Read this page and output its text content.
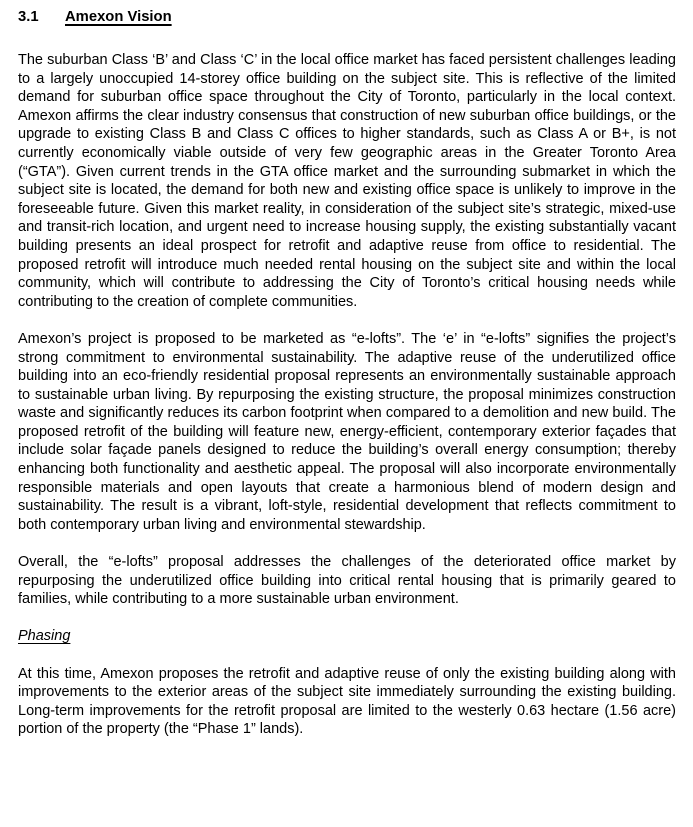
3.1	Amexon Vision

The suburban Class ‘B’ and Class ‘C’ in the local office market has faced persistent challenges leading to a largely unoccupied 14-storey office building on the subject site. This is reflective of the limited demand for suburban office space throughout the City of Toronto, particularly in the local context. Amexon affirms the clear industry consensus that construction of new suburban office buildings, or the upgrade to existing Class B and Class C offices to higher standards, such as Class A or B+, is not currently economically viable outside of very few geographic areas in the Greater Toronto Area (“GTA”). Given current trends in the GTA office market and the surrounding submarket in which the subject site is located, the demand for both new and existing office space is unlikely to improve in the foreseeable future. Given this market reality, in consideration of the subject site’s strategic, mixed-use and transit-rich location, and urgent need to increase housing supply, the existing substantially vacant building presents an ideal prospect for retrofit and adaptive reuse from office to residential. The proposed retrofit will introduce much needed rental housing on the subject site and within the local community, which will contribute to addressing the City of Toronto’s critical housing needs while contributing to the creation of complete communities.

Amexon’s project is proposed to be marketed as “e-lofts”. The ‘e’ in “e-lofts” signifies the project’s strong commitment to environmental sustainability. The adaptive reuse of the underutilized office building into an eco-friendly residential proposal represents an environmentally sustainable approach to sustainable urban living. By repurposing the existing structure, the proposal minimizes construction waste and significantly reduces its carbon footprint when compared to a demolition and new build. The proposed retrofit of the building will feature new, energy-efficient, contemporary exterior façades that include solar façade panels designed to reduce the building’s overall energy consumption; thereby enhancing both functionality and aesthetic appeal. The proposal will also incorporate environmentally responsible materials and open layouts that create a harmonious blend of modern design and sustainability. The result is a vibrant, loft-style, residential development that reflects commitment to both contemporary urban living and environmental stewardship.

Overall, the “e-lofts” proposal addresses the challenges of the deteriorated office market by repurposing the underutilized office building into critical rental housing that is primarily geared to families, while contributing to a more sustainable urban environment.

Phasing

At this time, Amexon proposes the retrofit and adaptive reuse of only the existing building along with improvements to the exterior areas of the subject site immediately surrounding the existing building. Long-term improvements for the retrofit proposal are limited to the westerly 0.63 hectare (1.56 acre) portion of the property (the “Phase 1” lands).
